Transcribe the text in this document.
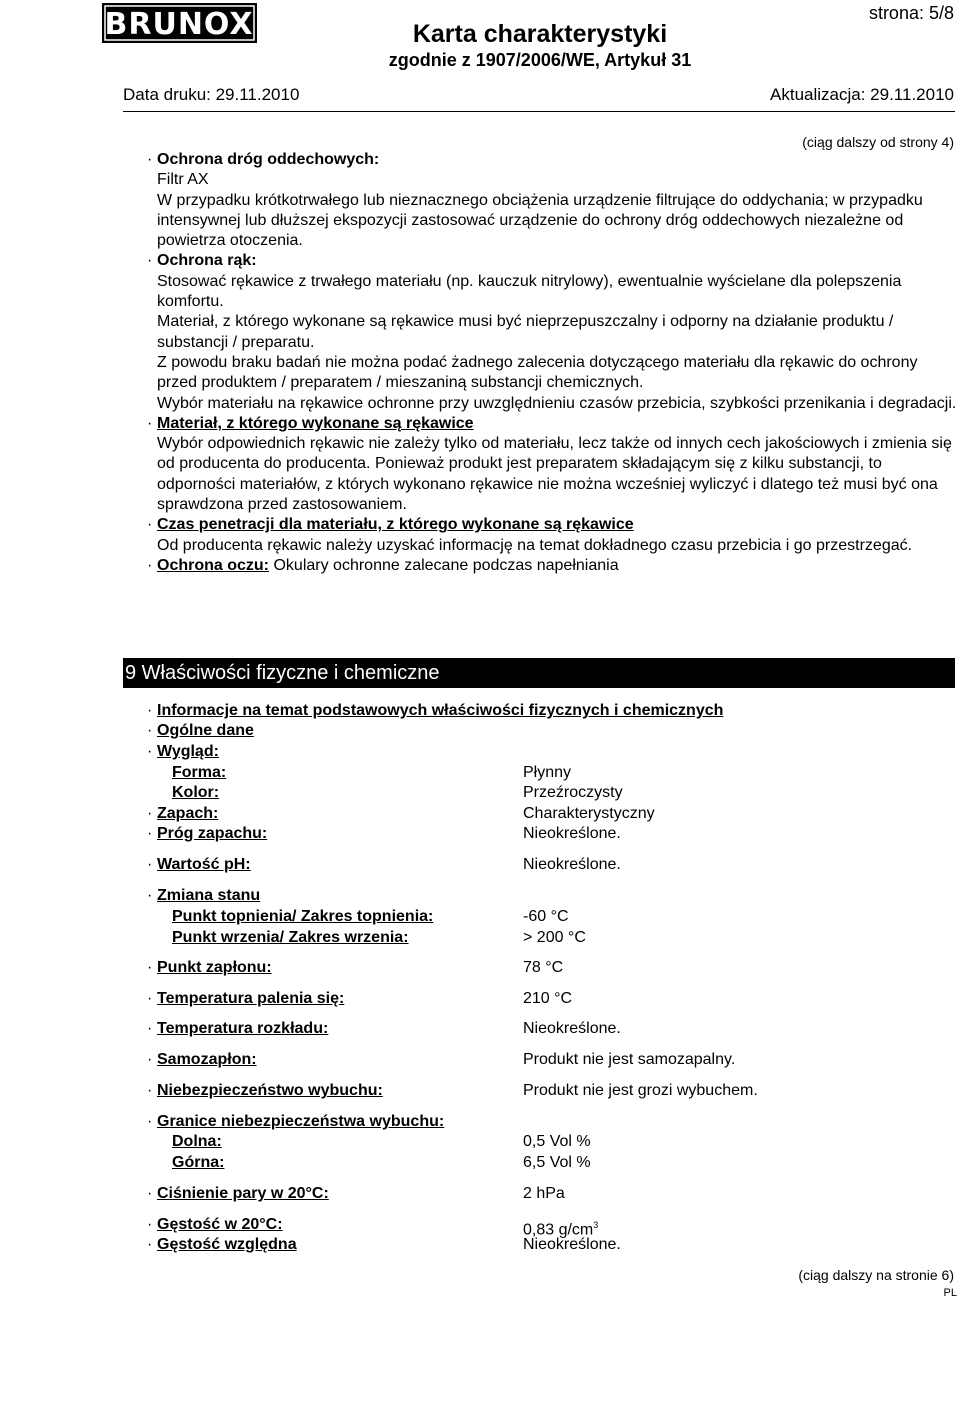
BRUNOX	strona: 5/8
Karta charakterystyki
zgodnie z 1907/2006/WE, Artykuł 31
Data druku: 29.11.2010	Aktualizacja: 29.11.2010
(ciąg dalszy od strony 4)

· Ochrona dróg oddechowych:

Filtr AX

W przypadku krótkotrwałego lub nieznacznego obciążenia urządzenie filtrujące do oddychania; w przypadku intensywnej lub dłuższej ekspozycji zastosować urządzenie do ochrony dróg oddechowych niezależne od powietrza otoczenia.

· Ochrona rąk:

Stosować rękawice z trwałego materiału (np. kauczuk nitrylowy), ewentualnie wyścielane dla polepszenia komfortu.

Materiał, z którego wykonane są rękawice musi być nieprzepuszczalny i odporny na działanie produktu / substancji / preparatu.

Z powodu braku badań nie można podać żadnego zalecenia dotyczącego materiału dla rękawic do ochrony przed produktem / preparatem / mieszaniną substancji chemicznych.

Wybór materiału na rękawice ochronne przy uwzględnieniu czasów przebicia, szybkości przenikania i degradacji.

· Materiał, z którego wykonane są rękawice

Wybór odpowiednich rękawic nie zależy tylko od materiału, lecz także od innych cech jakościowych i zmienia się od producenta do producenta. Ponieważ produkt jest preparatem składającym się z kilku substancji, to odporności materiałów, z których wykonano rękawice nie można wcześniej wyliczyć i dlatego też musi być ona sprawdzona przed zastosowaniem.

· Czas penetracji dla materiału, z którego wykonane są rękawice

Od producenta rękawic należy uzyskać informację na temat dokładnego czasu przebicia i go przestrzegać.

· Ochrona oczu: Okulary ochronne zalecane podczas napełniania

9 Właściwości fizyczne i chemiczne
· Informacje na temat podstawowych właściwości fizycznych i chemicznych
· Ogólne dane
· Wygląd:
Forma:	Płynny
Kolor:	Przeźroczysty
· Zapach:	Charakterystyczny
· Próg zapachu:	Nieokreślone.
· Wartość pH:	Nieokreślone.
· Zmiana stanu
Punkt topnienia/ Zakres topnienia:	-60 °C
Punkt wrzenia/ Zakres wrzenia:	> 200 °C
· Punkt zapłonu:	78 °C
· Temperatura palenia się:	210 °C
· Temperatura rozkładu:	Nieokreślone.
· Samozapłon:	Produkt nie jest samozapalny.
· Niebezpieczeństwo wybuchu:	Produkt nie jest grozi wybuchem.
· Granice niebezpieczeństwa wybuchu:
Dolna:	0,5 Vol %
Górna:	6,5 Vol %
· Ciśnienie pary w 20°C:	2 hPa
· Gęstość w 20°C:	0,83 $g/cm^3$
· Gęstość względna	Nieokreślone.
(ciąg dalszy na stronie 6)
PL
